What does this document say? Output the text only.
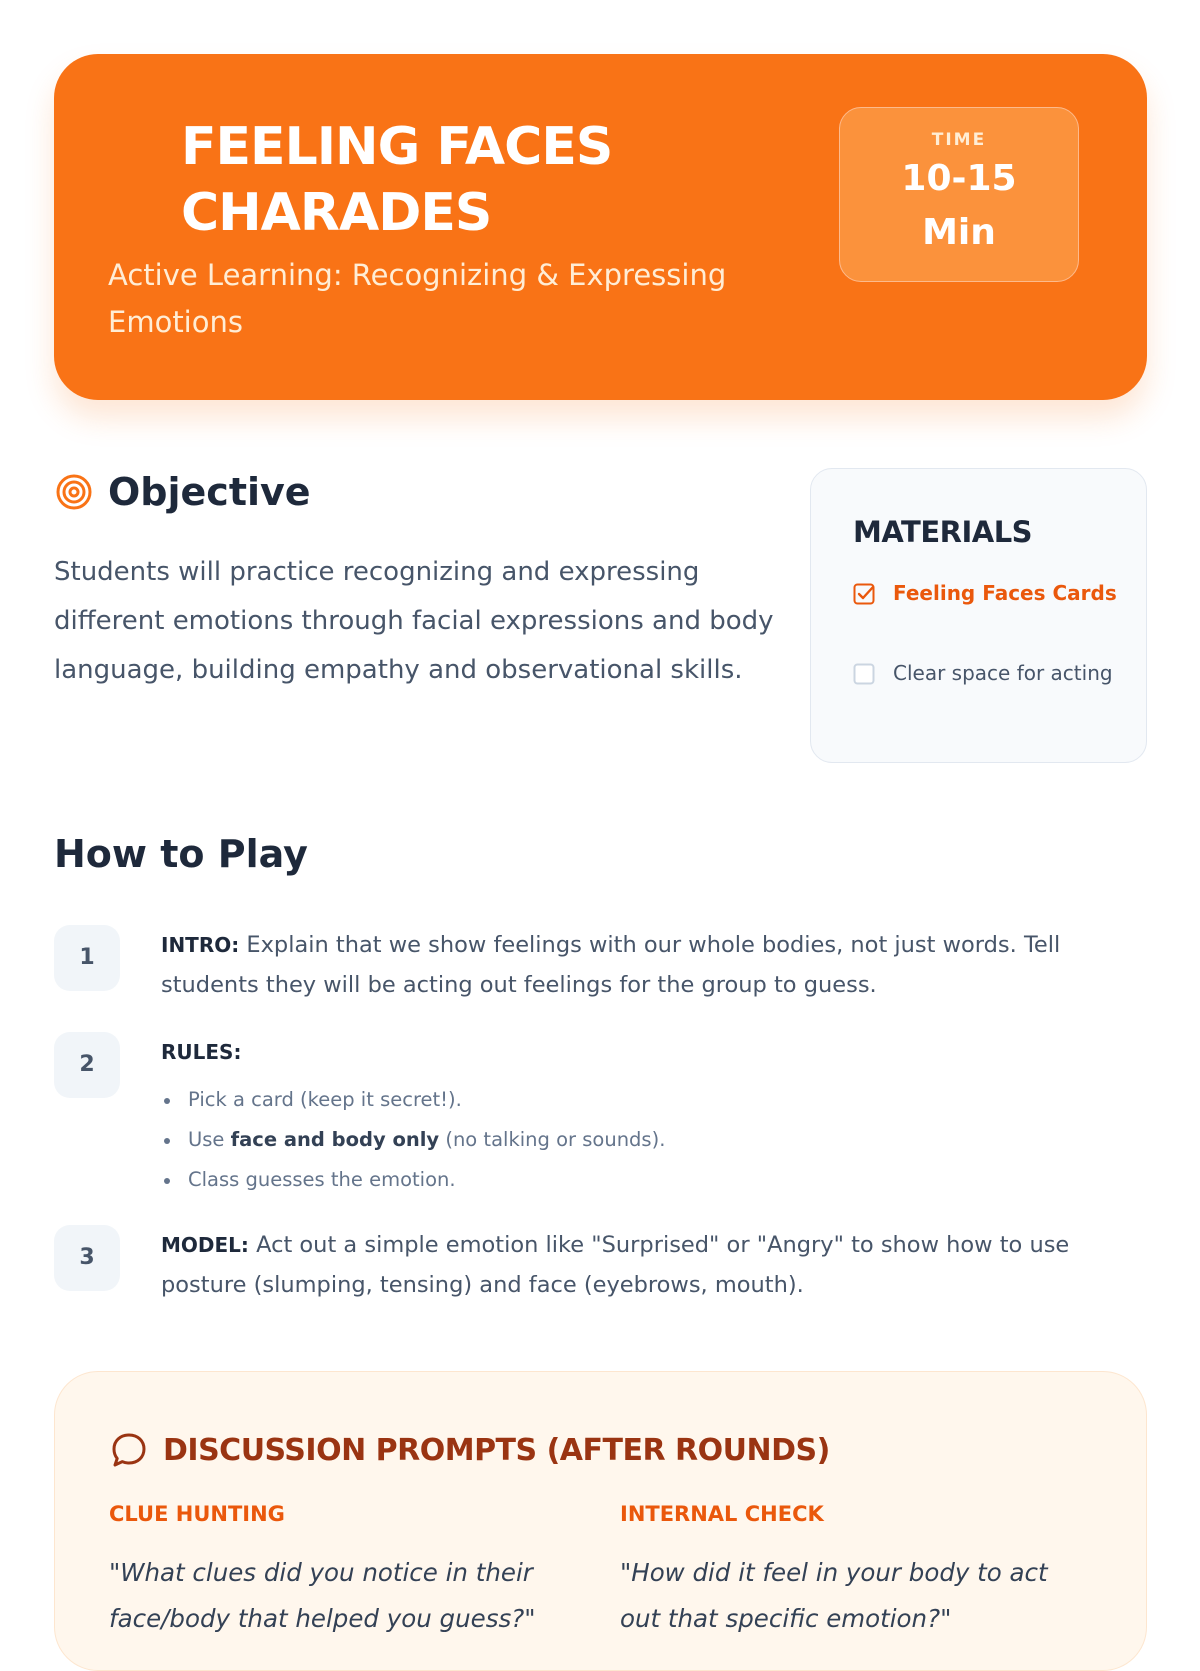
FEELING FACES CHARADES

Active Learning: Recognizing & Expressing Emotions

TIME
10-15
Min
Objective

Students will practice recognizing and expressing different emotions through facial expressions and body language, building empathy and observational skills.

MATERIALS
Feeling Faces Cards
Clear space for acting
How to Play
1	INTRO: Explain that we show feelings with our whole bodies, not just words. Tell students they will be acting out feelings for the group to guess.

2	RULES:
Pick a card (keep it secret!).
Use face and body only (no talking or sounds).
Class guesses the emotion.
3	MODEL: Act out a simple emotion like "Surprised" or "Angry" to show how to use posture (slumping, tensing) and face (eyebrows, mouth).

DISCUSSION PROMPTS (AFTER ROUNDS)
CLUE HUNTING

"What clues did you notice in their face/body that helped you guess?"

INTERNAL CHECK

"How did it feel in your body to act out that specific emotion?"
